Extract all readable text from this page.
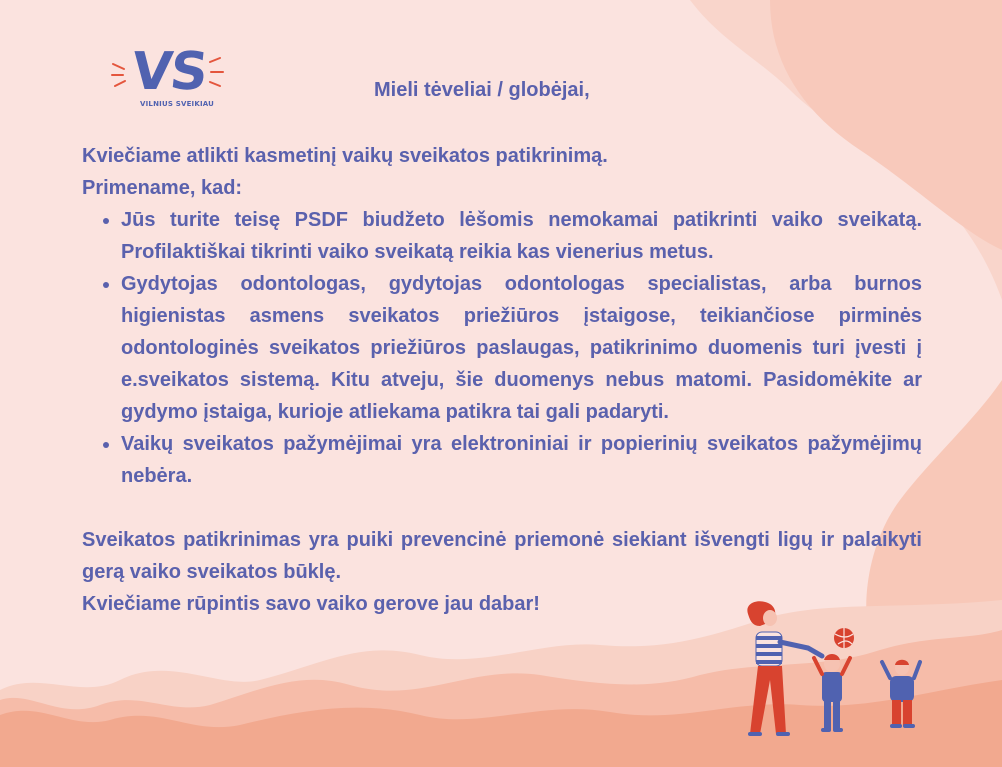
VS
VILNIUS SVEIKIAU

Mieli tėveliai / globėjai,

Kviečiame atlikti kasmetinį vaikų sveikatos patikrinimą.

Primename, kad:

• Jūs turite teisę PSDF biudžeto lėšomis nemokamai patikrinti vaiko sveikatą. Profilaktiškai tikrinti vaiko sveikatą reikia kas vienerius metus.
• Gydytojas odontologas, gydytojas odontologas specialistas, arba burnos higienistas asmens sveikatos priežiūros įstaigose, teikiančiose pirminės odontologinės sveikatos priežiūros paslaugas, patikrinimo duomenis turi įvesti į e.sveikatos sistemą. Kitu atveju, šie duomenys nebus matomi. Pasidomėkite ar gydymo įstaiga, kurioje atliekama patikra tai gali padaryti.
• Vaikų sveikatos pažymėjimai yra elektroniniai ir popierinių sveikatos pažymėjimų nebėra.

Sveikatos patikrinimas yra puiki prevencinė priemonė siekiant išvengti ligų ir palaikyti gerą vaiko sveikatos būklę.

Kviečiame rūpintis savo vaiko gerove jau dabar!
